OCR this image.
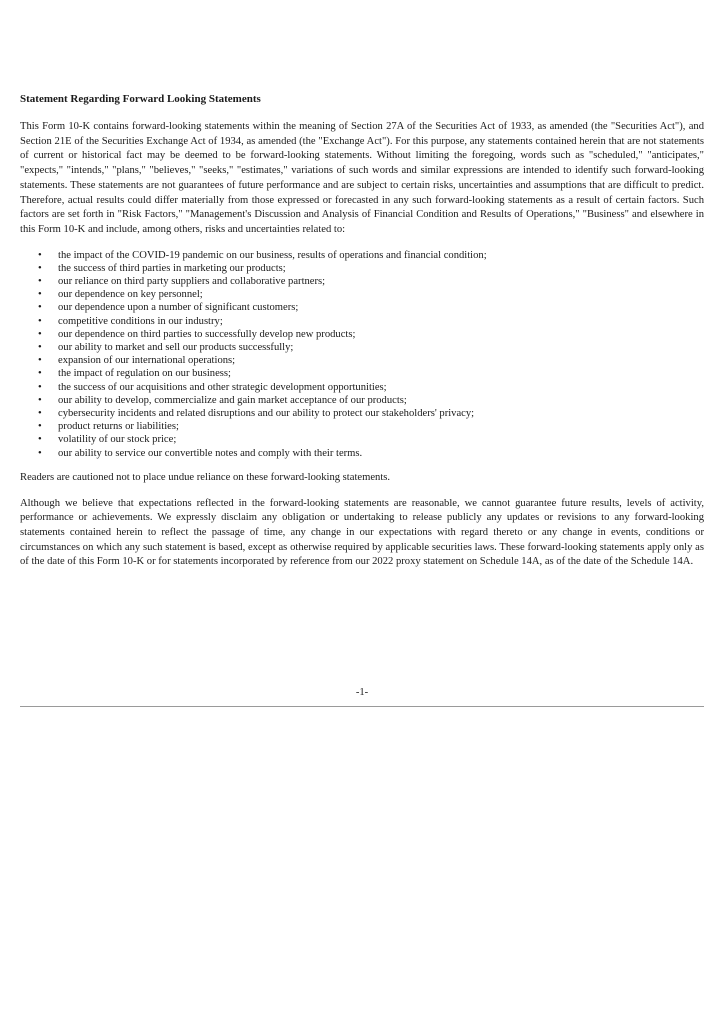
Statement Regarding Forward Looking Statements

This Form 10-K contains forward-looking statements within the meaning of Section 27A of the Securities Act of 1933, as amended (the "Securities Act"), and Section 21E of the Securities Exchange Act of 1934, as amended (the "Exchange Act"). For this purpose, any statements contained herein that are not statements of current or historical fact may be deemed to be forward-looking statements. Without limiting the foregoing, words such as "scheduled," "anticipates," "expects," "intends," "plans," "believes," "seeks," "estimates," variations of such words and similar expressions are intended to identify such forward-looking statements. These statements are not guarantees of future performance and are subject to certain risks, uncertainties and assumptions that are difficult to predict. Therefore, actual results could differ materially from those expressed or forecasted in any such forward-looking statements as a result of certain factors. Such factors are set forth in "Risk Factors," "Management's Discussion and Analysis of Financial Condition and Results of Operations," "Business" and elsewhere in this Form 10-K and include, among others, risks and uncertainties related to:

• the impact of the COVID-19 pandemic on our business, results of operations and financial condition;
• the success of third parties in marketing our products;
• our reliance on third party suppliers and collaborative partners;
• our dependence on key personnel;
• our dependence upon a number of significant customers;
• competitive conditions in our industry;
• our dependence on third parties to successfully develop new products;
• our ability to market and sell our products successfully;
• expansion of our international operations;
• the impact of regulation on our business;
• the success of our acquisitions and other strategic development opportunities;
• our ability to develop, commercialize and gain market acceptance of our products;
• cybersecurity incidents and related disruptions and our ability to protect our stakeholders' privacy;
• product returns or liabilities;
• volatility of our stock price;
• our ability to service our convertible notes and comply with their terms.

Readers are cautioned not to place undue reliance on these forward-looking statements.

Although we believe that expectations reflected in the forward-looking statements are reasonable, we cannot guarantee future results, levels of activity, performance or achievements. We expressly disclaim any obligation or undertaking to release publicly any updates or revisions to any forward-looking statements contained herein to reflect the passage of time, any change in our expectations with regard thereto or any change in events, conditions or circumstances on which any such statement is based, except as otherwise required by applicable securities laws. These forward-looking statements apply only as of the date of this Form 10-K or for statements incorporated by reference from our 2022 proxy statement on Schedule 14A, as of the date of the Schedule 14A.

-1-
